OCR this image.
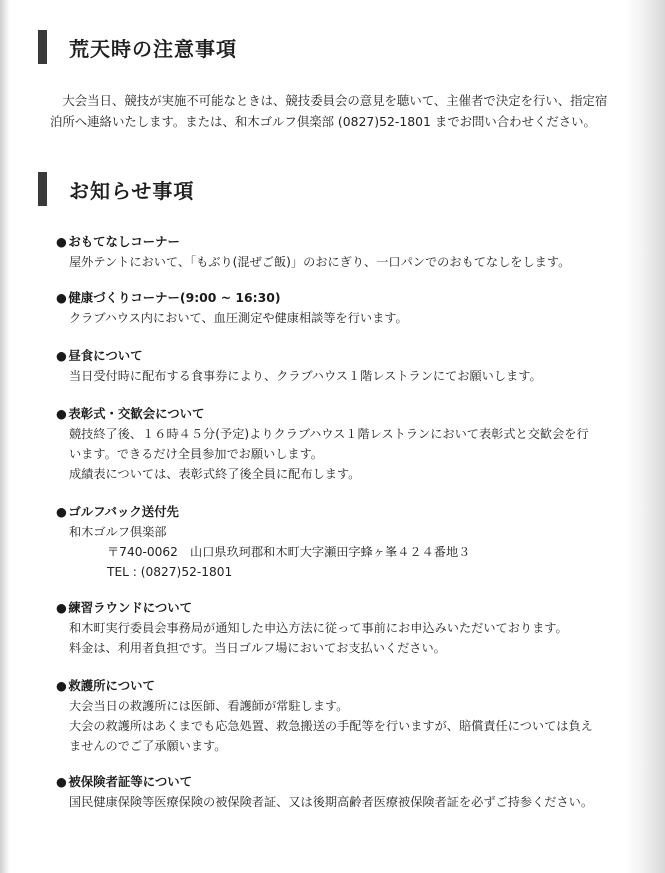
荒天時の注意事項
大会当日、競技が実施不可能なときは、競技委員会の意見を聴いて、主催者で決定を行い、指定宿
泊所へ連絡いたします。または、和木ゴルフ倶楽部 (0827)52-1801 までお問い合わせください。
お知らせ事項
● おもてなしコーナー
屋外テントにおいて、「もぶり(混ぜご飯)」のおにぎり、一口パンでのおもてなしをします。
● 健康づくりコーナー(9:00 ~ 16:30)
クラブハウス内において、血圧測定や健康相談等を行います。
● 昼食について
当日受付時に配布する食事券により、クラブハウス１階レストランにてお願いします。
● 表彰式・交歓会について
競技終了後、１６時４５分(予定)よりクラブハウス１階レストランにおいて表彰式と交歓会を行
います。できるだけ全員参加でお願いします。
成績表については、表彰式終了後全員に配布します。
● ゴルフバック送付先
和木ゴルフ倶楽部
〒740-0062　山口県玖珂郡和木町大字瀬田字蜂ヶ峯４２４番地３
TEL : (0827)52-1801
● 練習ラウンドについて
和木町実行委員会事務局が通知した申込方法に従って事前にお申込みいただいております。
料金は、利用者負担です。当日ゴルフ場においてお支払いください。
● 救護所について
大会当日の救護所には医師、看護師が常駐します。
大会の救護所はあくまでも応急処置、救急搬送の手配等を行いますが、賠償責任については負え
ませんのでご了承願います。
● 被保険者証等について
国民健康保険等医療保険の被保険者証、又は後期高齢者医療被保険者証を必ずご持参ください。
